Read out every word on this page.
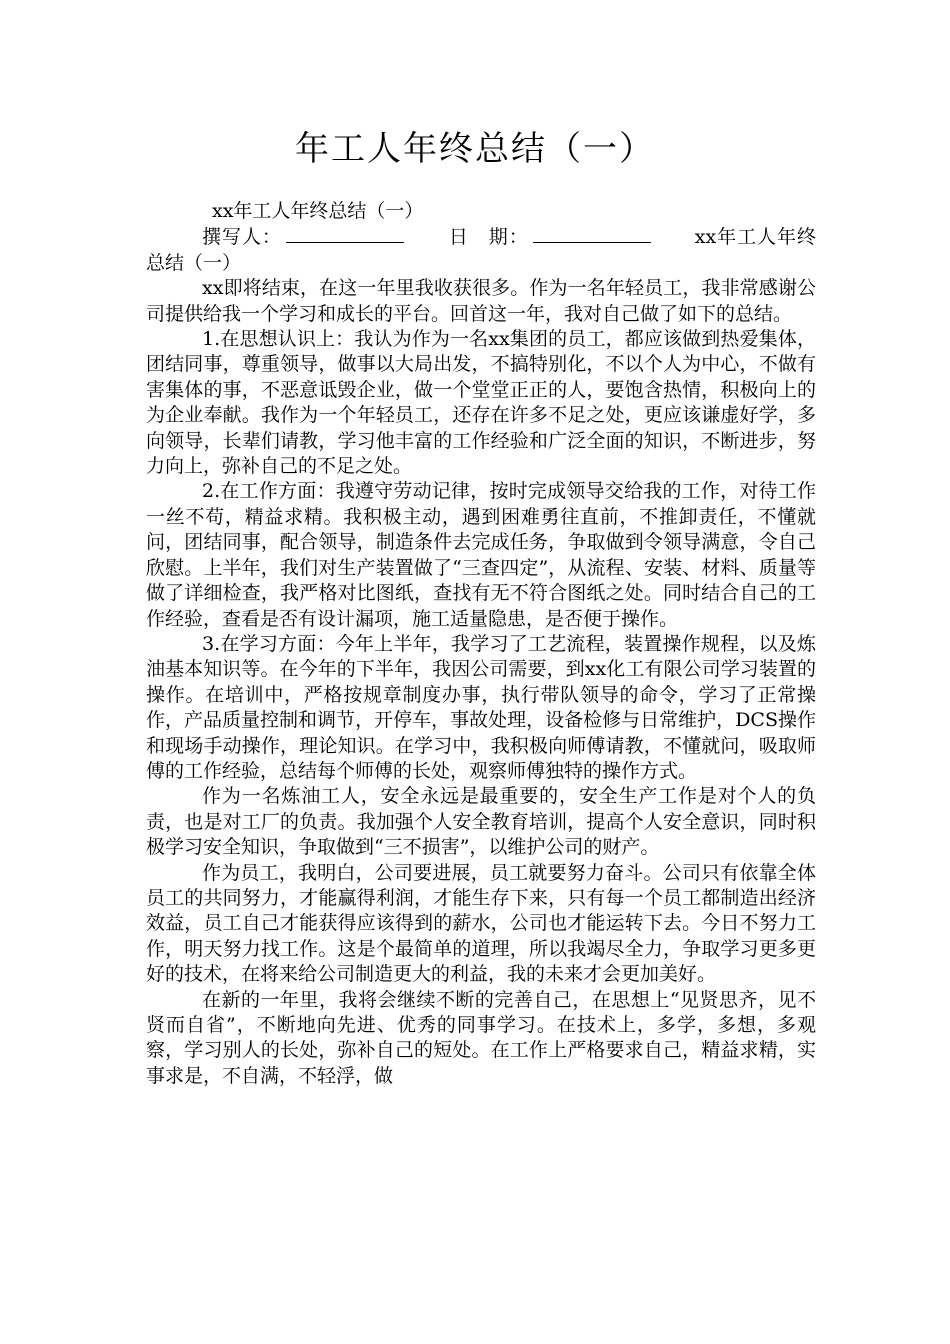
年工人年终总结（一）
xx年工人年终总结（一）
撰写人：	日　期：	xx年工人年终总结（一）

xx即将结束，在这一年里我收获很多。作为一名年轻员工，我非常感谢公司提供给我一个学习和成长的平台。回首这一年，我对自己做了如下的总结。

1.在思想认识上：我认为作为一名xx集团的员工，都应该做到热爱集体，团结同事，尊重领导，做事以大局出发，不搞特别化，不以个人为中心，不做有害集体的事，不恶意诋毁企业，做一个堂堂正正的人，要饱含热情，积极向上的为企业奉献。我作为一个年轻员工，还存在许多不足之处，更应该谦虚好学，多向领导，长辈们请教，学习他丰富的工作经验和广泛全面的知识，不断进步，努力向上，弥补自己的不足之处。

2.在工作方面：我遵守劳动记律，按时完成领导交给我的工作，对待工作一丝不苟，精益求精。我积极主动，遇到困难勇往直前，不推卸责任，不懂就问，团结同事，配合领导，制造条件去完成任务，争取做到令领导满意，令自己欣慰。上半年，我们对生产装置做了“三查四定”，从流程、安装、材料、质量等做了详细检查，我严格对比图纸，查找有无不符合图纸之处。同时结合自己的工作经验，查看是否有设计漏项，施工适量隐患，是否便于操作。

3.在学习方面：今年上半年，我学习了工艺流程，装置操作规程，以及炼油基本知识等。在今年的下半年，我因公司需要，到xx化工有限公司学习装置的操作。在培训中，严格按规章制度办事，执行带队领导的命令，学习了正常操作，产品质量控制和调节，开停车，事故处理，设备检修与日常维护，DCS操作和现场手动操作，理论知识。在学习中，我积极向师傅请教，不懂就问，吸取师傅的工作经验，总结每个师傅的长处，观察师傅独特的操作方式。

作为一名炼油工人，安全永远是最重要的，安全生产工作是对个人的负责，也是对工厂的负责。我加强个人安全教育培训，提高个人安全意识，同时积极学习安全知识，争取做到“三不损害”，以维护公司的财产。

作为员工，我明白，公司要进展，员工就要努力奋斗。公司只有依靠全体员工的共同努力，才能赢得利润，才能生存下来，只有每一个员工都制造出经济效益，员工自己才能获得应该得到的薪水，公司也才能运转下去。今日不努力工作，明天努力找工作。这是个最简单的道理，所以我竭尽全力，争取学习更多更好的技术，在将来给公司制造更大的利益，我的未来才会更加美好。

在新的一年里，我将会继续不断的完善自己，在思想上“见贤思齐，见不贤而自省”，不断地向先进、优秀的同事学习。在技术上，多学，多想，多观察，学习别人的长处，弥补自己的短处。在工作上严格要求自己，精益求精，实事求是，不自满，不轻浮，做
